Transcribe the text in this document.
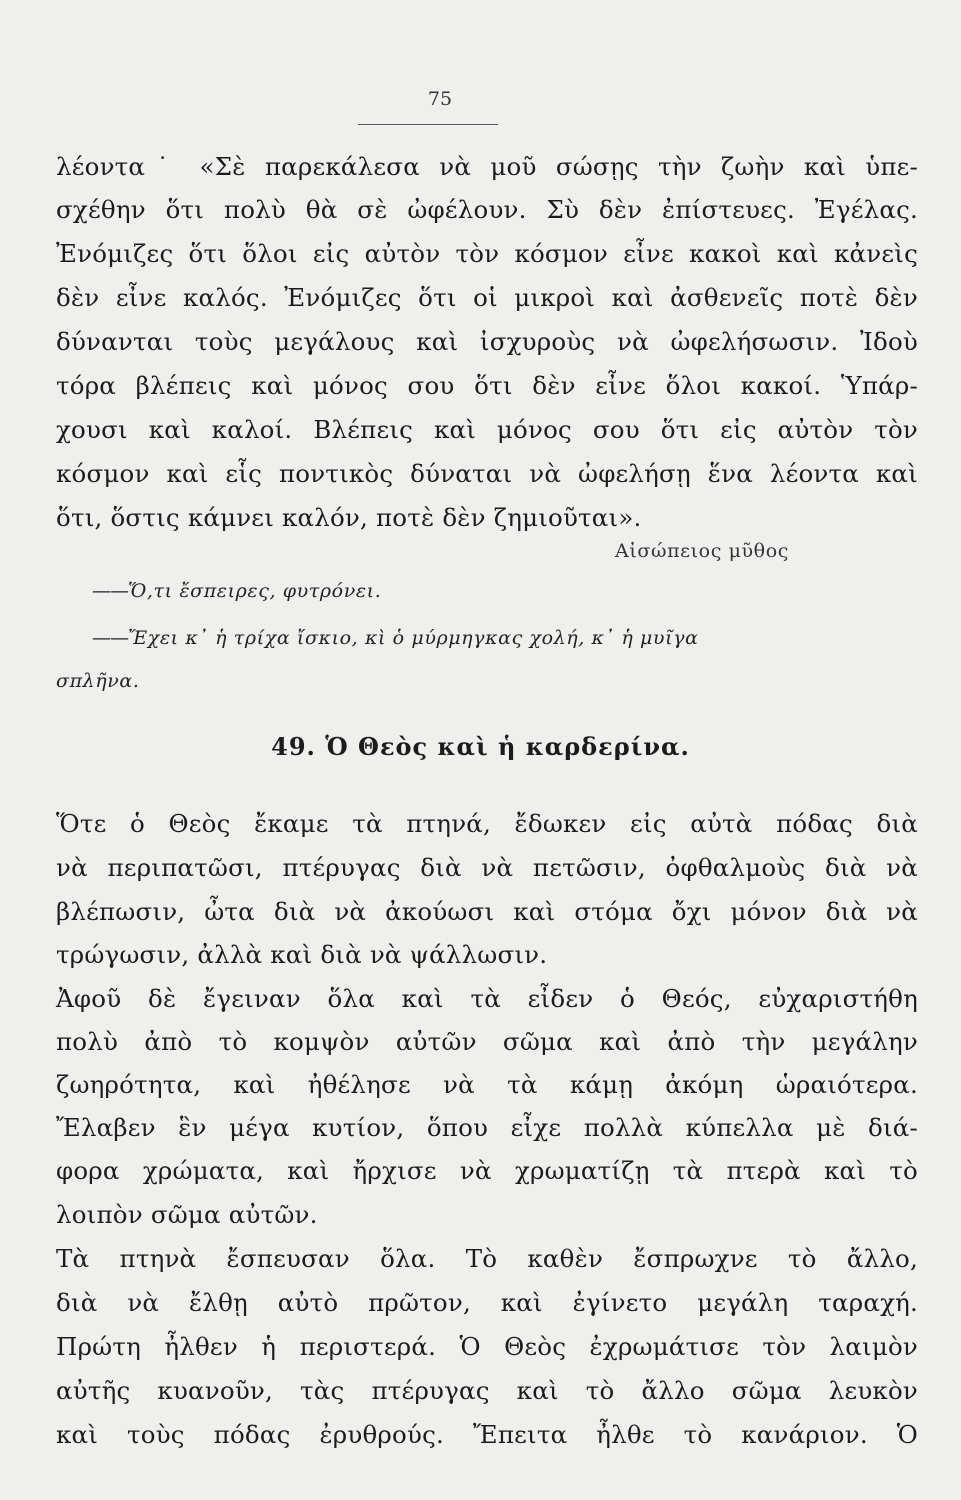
75
λέοντα˙ «Σὲ παρεκάλεσα νὰ μοῦ σώσῃς τὴν ζωὴν καὶ ὑπε-
σχέθην ὅτι πολὺ θὰ σὲ ὠφέλουν. Σὺ δὲν ἐπίστευες. Ἐγέλας.
Ἐνόμιζες ὅτι ὅλοι εἰς αὐτὸν τὸν κόσμον εἶνε κακοὶ καὶ κἀνεὶς
δὲν εἶνε καλός. Ἐνόμιζες ὅτι οἱ μικροὶ καὶ ἀσθενεῖς ποτὲ δὲν
δύνανται τοὺς μεγάλους καὶ ἰσχυροὺς νὰ ὠφελήσωσιν. Ἰδοὺ
τόρα βλέπεις καὶ μόνος σου ὅτι δὲν εἶνε ὅλοι κακοί. Ὑπάρ-
χουσι καὶ καλοί. Βλέπεις καὶ μόνος σου ὅτι εἰς αὐτὸν τὸν
κόσμον καὶ εἷς ποντικὸς δύναται νὰ ὠφελήσῃ ἕνα λέοντα καὶ
ὅτι, ὅστις κάμνει καλόν, ποτὲ δὲν ζημιοῦται».
Αἰσώπειος μῦθος
——Ὅ,τι ἔσπειρες, φυτρόνει.
——Ἔχει κ᾽ ἡ τρίχα ἴσκιο, κὶ ὁ μύρμηγκας χολή, κ᾽ ἡ μυῖγα
σπλῆνα.
49. Ὁ Θεὸς καὶ ἡ καρδερίνα.
Ὅτε ὁ Θεὸς ἔκαμε τὰ πτηνά, ἔδωκεν εἰς αὐτὰ πόδας διὰ
νὰ περιπατῶσι, πτέρυγας διὰ νὰ πετῶσιν, ὀφθαλμοὺς διὰ νὰ
βλέπωσιν, ὦτα διὰ νὰ ἀκούωσι καὶ στόμα ὄχι μόνον διὰ νὰ
τρώγωσιν, ἀλλὰ καὶ διὰ νὰ ψάλλωσιν.
Ἀφοῦ δὲ ἔγειναν ὅλα καὶ τὰ εἶδεν ὁ Θεός, εὐχαριστήθη
πολὺ ἀπὸ τὸ κομψὸν αὐτῶν σῶμα καὶ ἀπὸ τὴν μεγάλην
ζωηρότητα, καὶ ἠθέλησε νὰ τὰ κάμῃ ἀκόμη ὡραιότερα.
Ἔλαβεν ἓν μέγα κυτίον, ὅπου εἶχε πολλὰ κύπελλα μὲ διά-
φορα χρώματα, καὶ ἤρχισε νὰ χρωματίζῃ τὰ πτερὰ καὶ τὸ
λοιπὸν σῶμα αὐτῶν.
Τὰ πτηνὰ ἔσπευσαν ὅλα. Τὸ καθὲν ἔσπρωχνε τὸ ἄλλο,
διὰ νὰ ἔλθῃ αὐτὸ πρῶτον, καὶ ἐγίνετο μεγάλη ταραχή.
Πρώτη ἦλθεν ἡ περιστερά. Ὁ Θεὸς ἐχρωμάτισε τὸν λαιμὸν
αὐτῆς κυανοῦν, τὰς πτέρυγας καὶ τὸ ἄλλο σῶμα λευκὸν
καὶ τοὺς πόδας ἐρυθρούς. Ἔπειτα ἦλθε τὸ κανάριον. Ὁ
